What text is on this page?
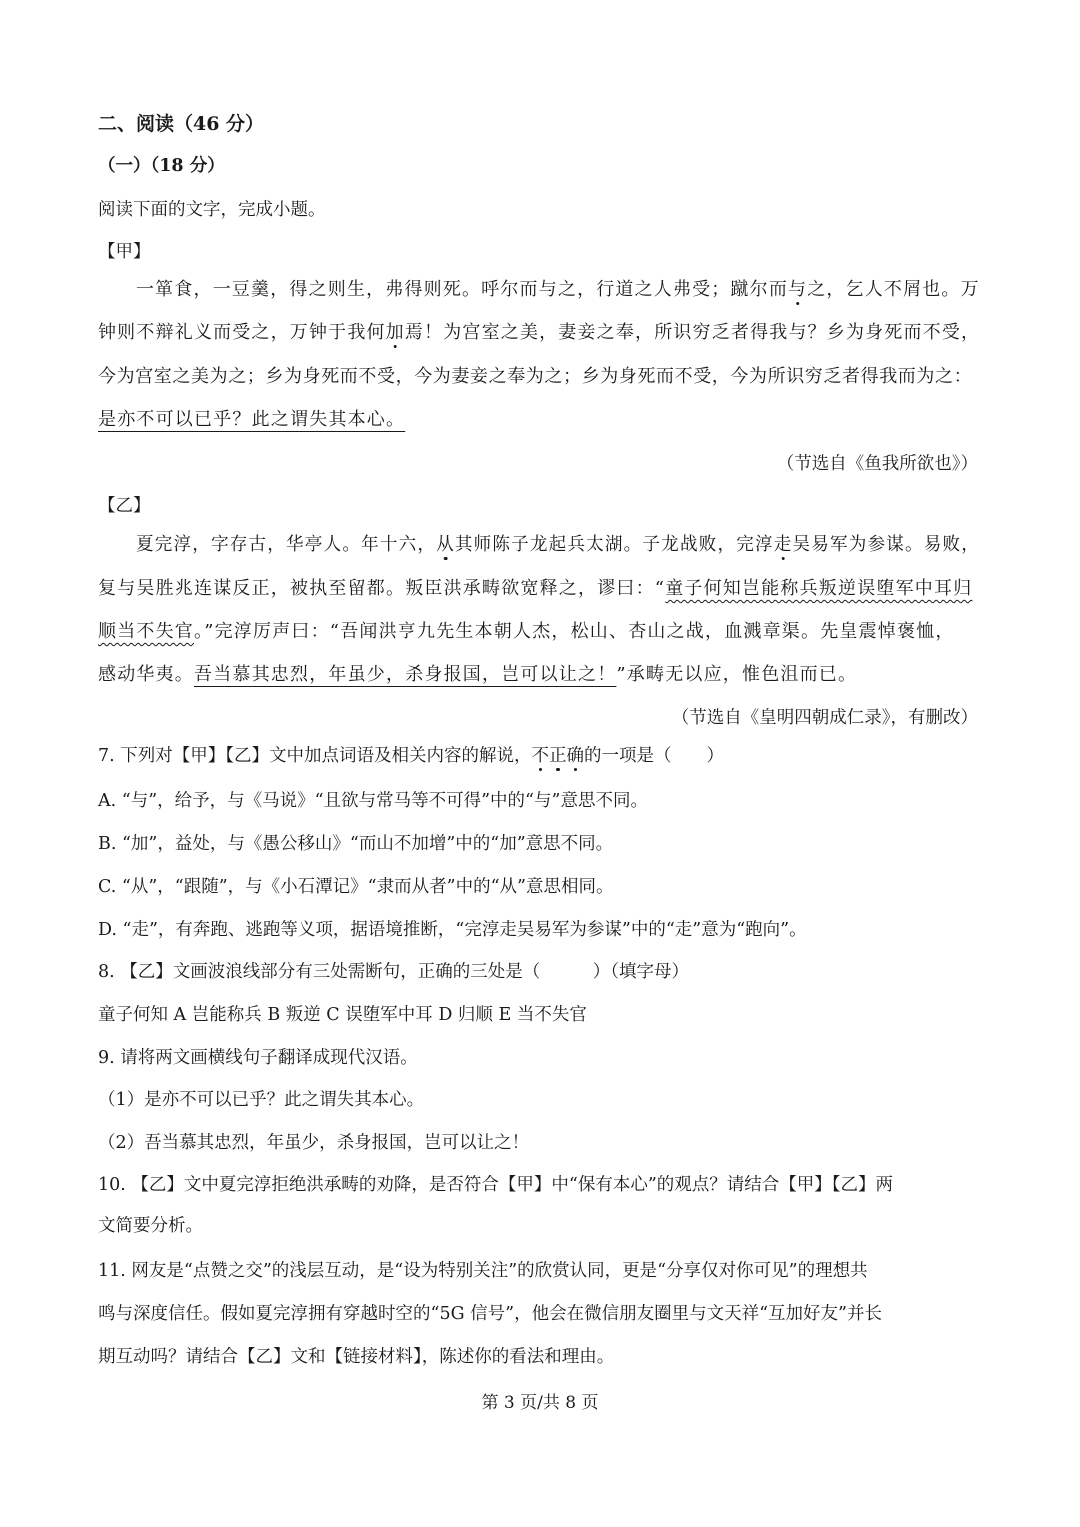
二、阅读（46 分）
（一）（18 分）
阅读下面的文字，完成小题。
【甲】
一箪食，一豆羹，得之则生，弗得则死。呼尔而与之，行道之人弗受；蹴尔而与之，乞人不屑也。万
钟则不辩礼义而受之，万钟于我何加焉！为宫室之美，妻妾之奉，所识穷乏者得我与？乡为身死而不受，
今为宫室之美为之；乡为身死而不受，今为妻妾之奉为之；乡为身死而不受，今为所识穷乏者得我而为之：
是亦不可以已乎？此之谓失其本心。
（节选自《鱼我所欲也》）
【乙】
夏完淳，字存古，华亭人。年十六，从其师陈子龙起兵太湖。子龙战败，完淳走吴易军为参谋。易败，
复与吴胜兆连谋反正，被执至留都。叛臣洪承畴欲宽释之，谬曰：“童子何知岂能称兵叛逆误堕军中耳归
顺当不失官。”完淳厉声曰：“吾闻洪亨九先生本朝人杰，松山、杏山之战，血溅章渠。先皇震悼褒恤，
感动华夷。吾当慕其忠烈，年虽少，杀身报国，岂可以让之！”承畴无以应，惟色沮而已。
（节选自《皇明四朝成仁录》，有删改）
7. 下列对【甲】【乙】文中加点词语及相关内容的解说，不正确的一项是（　　）
A. “与”，给予，与《马说》“且欲与常马等不可得”中的“与”意思不同。
B. “加”，益处，与《愚公移山》“而山不加增”中的“加”意思不同。
C. “从”，“跟随”，与《小石潭记》“隶而从者”中的“从”意思相同。
D. “走”，有奔跑、逃跑等义项，据语境推断，“完淳走吴易军为参谋”中的“走”意为“跑向”。
8. 【乙】文画波浪线部分有三处需断句，正确的三处是（　　　）（填字母）
童子何知 A 岂能称兵 B 叛逆 C 误堕军中耳 D 归顺 E 当不失官
9. 请将两文画横线句子翻译成现代汉语。
（1）是亦不可以已乎？此之谓失其本心。
（2）吾当慕其忠烈，年虽少，杀身报国，岂可以让之！
10. 【乙】文中夏完淳拒绝洪承畴的劝降，是否符合【甲】中“保有本心”的观点？请结合【甲】【乙】两
文简要分析。
11. 网友是“点赞之交”的浅层互动，是“设为特别关注”的欣赏认同，更是“分享仅对你可见”的理想共
鸣与深度信任。假如夏完淳拥有穿越时空的“5G 信号”，他会在微信朋友圈里与文天祥“互加好友”并长
期互动吗？请结合【乙】文和【链接材料】，陈述你的看法和理由。
第 3 页/共 8 页
